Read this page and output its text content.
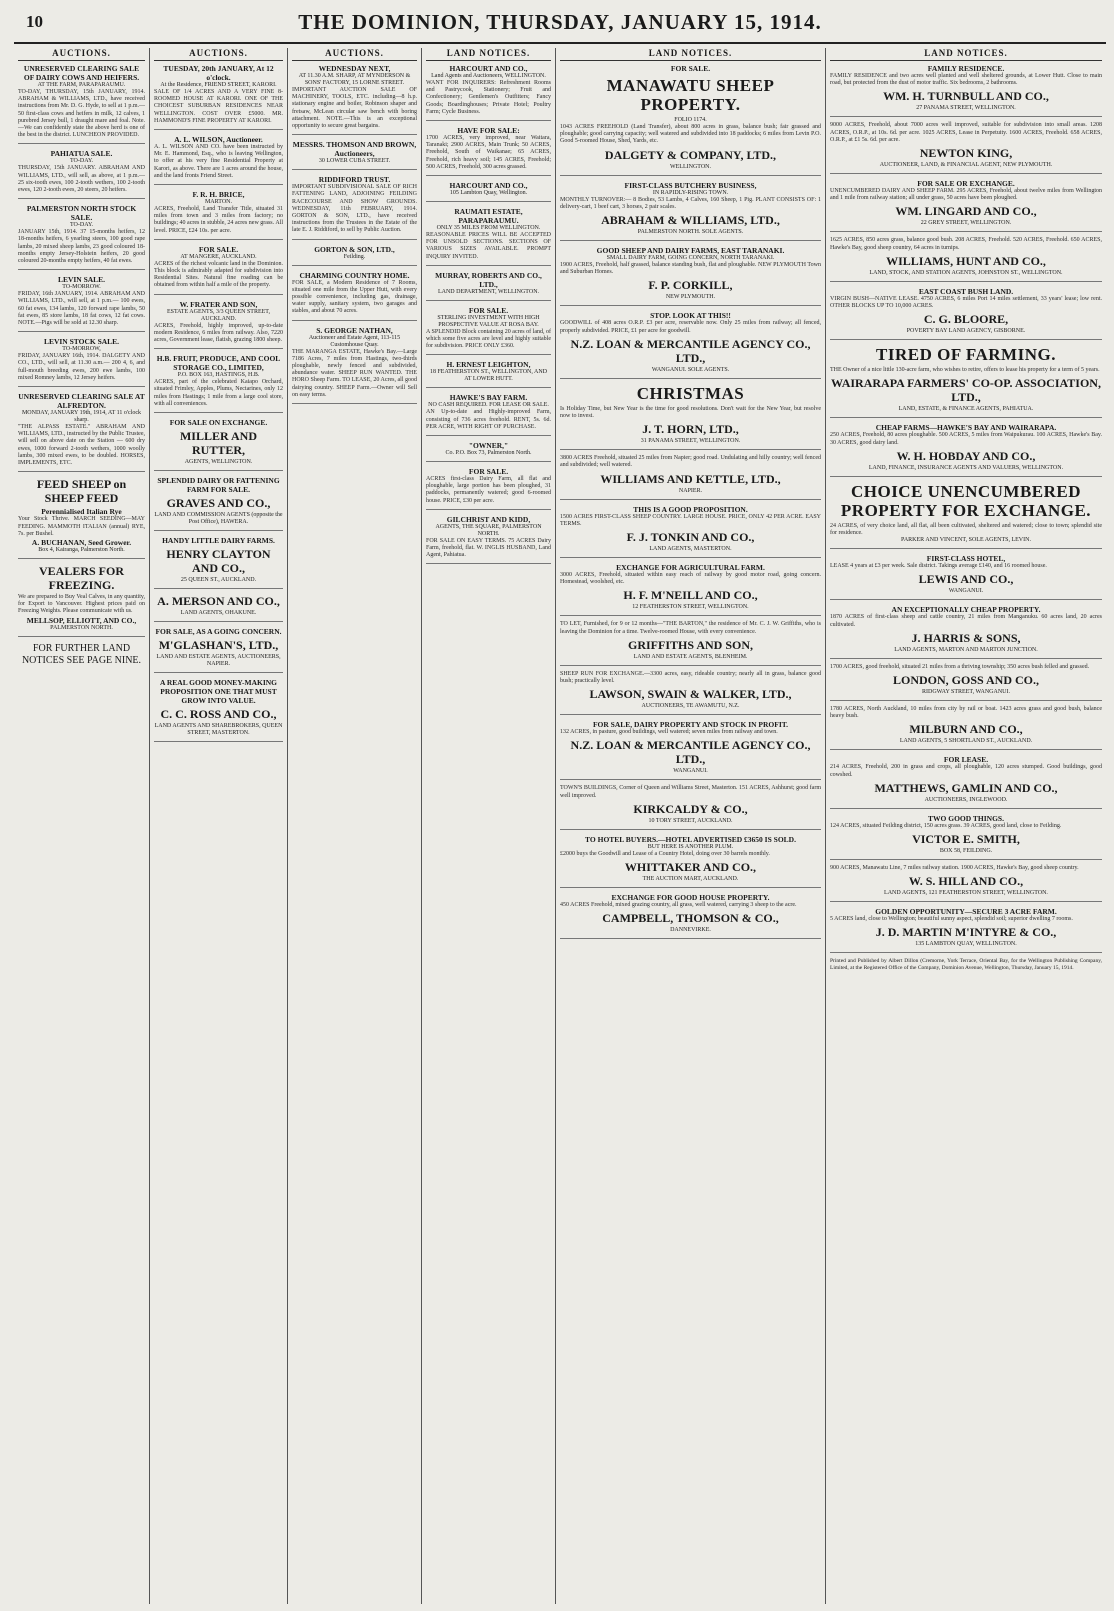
10	THE DOMINION, THURSDAY, JANUARY 15, 1914.
AUCTIONS.
UNRESERVED CLEARING SALE OF DAIRY COWS AND HEIFERS.
AT THE FARM, PARAPARAUMU.
TO-DAY, THURSDAY, 15th JANUARY, 1914. ABRAHAM & WILLIAMS, LTD., have received instructions from Mr. D. G. Hyde, to sell at 1 p.m.— 50 first-class cows and heifers in milk, 12 calves, 1 purebred Jersey bull, 1 draught mare and foal. Note.—We can confidently state the above herd is one of the best in the district. LUNCHEON PROVIDED.
PAHIATUA SALE.
TO-DAY.
THURSDAY, 15th JANUARY. ABRAHAM AND WILLIAMS, LTD., will sell, as above, at 1 p.m.— 25 six-tooth ewes, 100 2-tooth wethers, 100 2-tooth ewes, 120 2-tooth ewes, 20 steers, 20 heifers.
PALMERSTON NORTH STOCK SALE.
TO-DAY.
JANUARY 15th, 1914. 37 15-months heifers, 12 18-months heifers, 6 yearling steers, 100 good rape lambs, 20 mixed sheep lambs, 23 good coloured 18-months empty Jersey-Holstein heifers, 20 good coloured 20-months empty heifers, 40 fat ewes.
LEVIN SALE.
TO-MORROW.
FRIDAY, 16th JANUARY, 1914. ABRAHAM AND WILLIAMS, LTD., will sell, at 1 p.m.— 100 ewes, 60 fat ewes, 134 lambs, 120 forward rape lambs, 50 fat ewes, 85 store lambs, 18 fat cows, 12 fat cows. NOTE.—Pigs will be sold at 12.30 sharp.
LEVIN STOCK SALE.
TO-MORROW,
FRIDAY, JANUARY 16th, 1914. DALGETY AND CO., LTD., will sell, at 11.30 a.m.— 200 4, 6, and full-mouth breeding ewes, 200 ewe lambs, 100 mixed Romney lambs, 12 Jersey heifers.
UNRESERVED CLEARING SALE AT ALFREDTON.
MONDAY, JANUARY 19th, 1914, AT 11 o'clock sharp.
"THE ALPASS ESTATE." ABRAHAM AND WILLIAMS, LTD., instructed by the Public Trustee, will sell on above date on the Station — 600 dry ewes, 1000 forward 2-tooth wethers, 1000 woolly lambs, 300 mixed ewes, to be doubled. HORSES, IMPLEMENTS, ETC.
FEED SHEEP on SHEEP FEED
Perennialised Italian Rye
Your Stock Thrive. MARCH SEEDING—MAY FEEDING. MAMMOTH ITALIAN (annual) RYE, 7s. per Bushel.
A. BUCHANAN, Seed Grower.
Box 4, Kairanga, Palmerston North.
VEALERS FOR FREEZING.
We are prepared to Buy Veal Calves, in any quantity, for Export to Vancouver. Highest prices paid on Freezing Weights. Please communicate with us.
MELLSOP, ELLIOTT, AND CO.,
PALMERSTON NORTH.
FOR FURTHER LAND NOTICES SEE PAGE NINE.
AUCTIONS.
TUESDAY, 20th JANUARY, At 12 o'clock.
At the Residence, FRIEND STREET, KARORI.
SALE OF 1/4 ACRES AND A VERY FINE 8-ROOMED HOUSE AT KARORI. ONE OF THE CHOICEST SUBURBAN RESIDENCES NEAR WELLINGTON. COST OVER £5000. MR. HAMMOND'S FINE PROPERTY AT KARORI.
A. L. WILSON, Auctioneer.
A. L. WILSON AND CO. have been instructed by Mr. E. Hammond, Esq., who is leaving Wellington, to offer at his very fine Residential Property at Karori, as above. There are 1 acres around the house, and the land fronts Friend Street.
F. R. H. BRICE,
MARTON.
ACRES, Freehold, Land Transfer Title, situated 31 miles from town and 3 miles from factory; no buildings; 40 acres in stubble, 24 acres new grass. All level. PRICE, £24 10s. per acre.
FOR SALE.
AT MANGERE, AUCKLAND.
ACRES of the richest volcanic land in the Dominion. This block is admirably adapted for subdivision into Residential Sites. Natural fine roading can be obtained from within half a mile of the property.
W. FRATER AND SON,
ESTATE AGENTS, 3/3 QUEEN STREET, AUCKLAND.
ACRES, Freehold, highly improved, up-to-date modern Residence, 6 miles from railway. Also, 7220 acres, Government lease, flatish, grazing 1800 sheep.
H.B. FRUIT, PRODUCE, AND COOL STORAGE CO., LIMITED,
P.O. BOX 163, HASTINGS, H.B.
ACRES, part of the celebrated Kaiapo Orchard, situated Frimley, Apples, Plums, Nectarines, only 12 miles from Hastings; 1 mile from a large cool store, with all conveniences.
FOR SALE ON EXCHANGE.
MILLER AND RUTTER,
AGENTS, WELLINGTON.
SPLENDID DAIRY OR FATTENING FARM FOR SALE.
GRAVES AND CO.,
LAND AND COMMISSION AGENTS (opposite the Post Office), HAWERA.
HANDY LITTLE DAIRY FARMS.
HENRY CLAYTON AND CO.,
25 QUEEN ST., AUCKLAND.
A. MERSON AND CO.,
LAND AGENTS, OHAKUNE.
FOR SALE, AS A GOING CONCERN.
M'GLASHAN'S, LTD.,
LAND AND ESTATE AGENTS, AUCTIONEERS, NAPIER.
A REAL GOOD MONEY-MAKING PROPOSITION ONE THAT MUST GROW INTO VALUE.
C. C. ROSS AND CO.,
LAND AGENTS AND SHAREBROKERS, QUEEN STREET, MASTERTON.
AUCTIONS.
WEDNESDAY NEXT,
AT 11.30 A.M. SHARP, AT MYNDERSON & SONS' FACTORY, 15 LORNE STREET.
IMPORTANT AUCTION SALE OF MACHINERY, TOOLS, ETC. including—8 h.p. stationary engine and boiler, Robinson shaper and fretsaw, McLean circular saw bench with boring attachment. NOTE.—This is an exceptional opportunity to secure great bargains.
MESSRS. THOMSON AND BROWN, Auctioneers,
30 LOWER CUBA STREET.
RIDDIFORD TRUST.
IMPORTANT SUBDIVISIONAL SALE OF RICH FATTENING LAND, ADJOINING FEILDING RACECOURSE AND SHOW GROUNDS. WEDNESDAY, 11th FEBRUARY, 1914. GORTON & SON, LTD., have received instructions from the Trustees in the Estate of the late E. J. Riddiford, to sell by Public Auction.
GORTON & SON, LTD.,
Feilding.
CHARMING COUNTRY HOME.
FOR SALE, a Modern Residence of 7 Rooms, situated one mile from the Upper Hutt, with every possible convenience, including gas, drainage, water supply, sanitary system, two garages and stables, and about 70 acres.
S. GEORGE NATHAN,
Auctioneer and Estate Agent, 113-115 Customhouse Quay.
THE MARANGA ESTATE, Hawke's Bay.—Large 7186 Acres, 7 miles from Hastings, two-thirds ploughable, newly fenced and subdivided, abundance water. SHEEP RUN WANTED. THE HORO Sheep Farm. TO LEASE, 20 Acres, all good dairying country. SHEEP Farm.—Owner will Sell on easy terms.
LAND NOTICES.
HARCOURT AND CO.,
Land Agents and Auctioneers, WELLINGTON.
WANT FOR INQUIRERS: Refreshment Rooms and Pastrycook, Stationery; Fruit and Confectionery; Gentlemen's Outfitters; Fancy Goods; Boardinghouses; Private Hotel; Poultry Farm; Cycle Business.
HAVE FOR SALE:
1700 ACRES, very improved, near Waitara, Taranaki; 2900 ACRES, Main Trunk; 50 ACRES, Freehold, South of Waikanae; 65 ACRES, Freehold, rich heavy soil; 145 ACRES, Freehold; 500 ACRES, Freehold, 300 acres grassed.
HARCOURT AND CO.,
105 Lambton Quay, Wellington.
RAUMATI ESTATE, PARAPARAUMU.
ONLY 35 MILES FROM WELLINGTON.
REASONABLE PRICES WILL BE ACCEPTED FOR UNSOLD SECTIONS. SECTIONS OF VARIOUS SIZES AVAILABLE. PROMPT INQUIRY INVITED.
MURRAY, ROBERTS AND CO., LTD.,
LAND DEPARTMENT, WELLINGTON.
FOR SALE.
STERLING INVESTMENT WITH HIGH PROSPECTIVE VALUE AT ROSA BAY.
A SPLENDID Block containing 20 acres of land, of which some five acres are level and highly suitable for subdivision. PRICE ONLY £360.
H. ERNEST LEIGHTON,
18 FEATHERSTON ST., WELLINGTON, AND AT LOWER HUTT.
HAWKE'S BAY FARM.
NO CASH REQUIRED. FOR LEASE OR SALE.
AN Up-to-date and Highly-improved Farm, consisting of 736 acres freehold. RENT, 5s. 6d. PER ACRE, WITH RIGHT OF PURCHASE.
"OWNER,"
Co. P.O. Box 73, Palmerston North.
FOR SALE.
ACRES first-class Dairy Farm, all flat and ploughable, large portion has been ploughed, 31 paddocks, permanently watered; good 6-roomed house. PRICE, £30 per acre.
GILCHRIST AND KIDD,
AGENTS, THE SQUARE, PALMERSTON NORTH.
FOR SALE ON EASY TERMS. 75 ACRES Dairy Farm, freehold, flat. W. INGLIS HUSBAND, Land Agent, Pahiatua.
LAND NOTICES.
FOR SALE.
MANAWATU SHEEP PROPERTY.
FOLIO 1174.
1043 ACRES FREEHOLD (Land Transfer), about 800 acres in grass, balance bush; fair grassed and ploughable; good carrying capacity; well watered and subdivided into 18 paddocks; 6 miles from Levin P.O. Good 5-roomed House, Shed, Yards, etc.
DALGETY & COMPANY, LTD.,
WELLINGTON.
FIRST-CLASS BUTCHERY BUSINESS,
IN RAPIDLY-RISING TOWN.
MONTHLY TURNOVER:— 8 Bodies, 53 Lambs, 4 Calves, 160 Sheep, 1 Pig. PLANT CONSISTS OF: 1 delivery-cart, 1 beef cart, 3 horses, 2 pair scales.
ABRAHAM & WILLIAMS, LTD.,
PALMERSTON NORTH. SOLE AGENTS.
GOOD SHEEP AND DAIRY FARMS, EAST TARANAKI.
SMALL DAIRY FARM, GOING CONCERN, NORTH TARANAKI.
1900 ACRES, Freehold, half grassed, balance standing bush, flat and ploughable. NEW PLYMOUTH Town and Suburban Homes.
F. P. CORKILL,
NEW PLYMOUTH.
STOP. LOOK AT THIS!!
GOODWILL of 408 acres O.R.P. £3 per acre, reservable now. Only 25 miles from railway; all fenced, properly subdivided. PRICE, £1 per acre for goodwill.
N.Z. LOAN & MERCANTILE AGENCY CO., LTD.,
WANGANUI. SOLE AGENTS.
CHRISTMAS
Is Holiday Time, but New Year is the time for good resolutions. Don't wait for the New Year, but resolve now to invest.
J. T. HORN, LTD.,
31 PANAMA STREET, WELLINGTON.
3800 ACRES Freehold, situated 25 miles from Napier; good road. Undulating and hilly country; well fenced and subdivided; well watered.
WILLIAMS AND KETTLE, LTD.,
NAPIER.
THIS IS A GOOD PROPOSITION.
1500 ACRES FIRST-CLASS SHEEP COUNTRY. LARGE HOUSE. PRICE, ONLY 42 PER ACRE. EASY TERMS.
F. J. TONKIN AND CO.,
LAND AGENTS, MASTERTON.
EXCHANGE FOR AGRICULTURAL FARM.
3000 ACRES, Freehold, situated within easy reach of railway by good motor road, going concern. Homestead, woolshed, etc.
H. F. M'NEILL AND CO.,
12 FEATHERSTON STREET, WELLINGTON.
TO LET, Furnished, for 9 or 12 months—"THE BARTON," the residence of Mr. C. J. W. Griffiths, who is leaving the Dominion for a time. Twelve-roomed House, with every convenience.
GRIFFITHS AND SON,
LAND AND ESTATE AGENTS, BLENHEIM.
SHEEP RUN FOR EXCHANGE.—3300 acres, easy, rideable country; nearly all in grass, balance good bush; practically level.
LAWSON, SWAIN & WALKER, LTD.,
AUCTIONEERS, TE AWAMUTU, N.Z.
FOR SALE, DAIRY PROPERTY AND STOCK IN PROFIT.
132 ACRES, in pasture, good buildings, well watered; seven miles from railway and town.
N.Z. LOAN & MERCANTILE AGENCY CO., LTD.,
WANGANUI.
TOWN'S BUILDINGS, Corner of Queen and Williams Street, Masterton. 151 ACRES, Ashhurst; good farm well improved.
KIRKCALDY & CO.,
10 TORY STREET, AUCKLAND.
TO HOTEL BUYERS.—HOTEL ADVERTISED £3650 IS SOLD.
BUT HERE IS ANOTHER PLUM.
£2000 buys the Goodwill and Lease of a Country Hotel, doing over 30 barrels monthly.
WHITTAKER AND CO.,
THE AUCTION MART, AUCKLAND.
EXCHANGE FOR GOOD HOUSE PROPERTY.
450 ACRES Freehold, mixed grazing country, all grass, well watered, carrying 3 sheep to the acre.
CAMPBELL, THOMSON & CO.,
DANNEVIRKE.
LAND NOTICES.
FAMILY RESIDENCE.
FAMILY RESIDENCE and two acres well planted and well sheltered grounds, at Lower Hutt. Close to main road, but protected from the dust of motor traffic. Six bedrooms, 2 bathrooms.
WM. H. TURNBULL AND CO.,
27 PANAMA STREET, WELLINGTON.
9000 ACRES, Freehold, about 7000 acres well improved, suitable for subdivision into small areas. 1208 ACRES, O.R.P., at 10s. 6d. per acre. 1025 ACRES, Lease in Perpetuity. 1600 ACRES, Freehold. 658 ACRES, O.R.P., at £1 5s. 6d. per acre.
NEWTON KING,
AUCTIONEER, LAND, & FINANCIAL AGENT, NEW PLYMOUTH.
FOR SALE OR EXCHANGE.
UNENCUMBERED DAIRY AND SHEEP FARM. 295 ACRES, Freehold, about twelve miles from Wellington and 1 mile from railway station; all under grass, 50 acres have been ploughed.
WM. LINGARD AND CO.,
22 GREY STREET, WELLINGTON.
1625 ACRES, 850 acres grass, balance good bush. 208 ACRES, Freehold. 520 ACRES, Freehold. 650 ACRES, Hawke's Bay, good sheep country, 64 acres in turnips.
WILLIAMS, HUNT AND CO.,
LAND, STOCK, AND STATION AGENTS, JOHNSTON ST., WELLINGTON.
EAST COAST BUSH LAND.
VIRGIN BUSH—NATIVE LEASE. 4750 ACRES, 6 miles Port 14 miles settlement, 33 years' lease; low rent. OTHER BLOCKS UP TO 10,000 ACRES.
C. G. BLOORE,
POVERTY BAY LAND AGENCY, GISBORNE.
TIRED OF FARMING.
THE Owner of a nice little 130-acre farm, who wishes to retire, offers to lease his property for a term of 5 years.
WAIRARAPA FARMERS' CO-OP. ASSOCIATION, LTD.,
LAND, ESTATE, & FINANCE AGENTS, PAHIATUA.
CHEAP FARMS—HAWKE'S BAY AND WAIRARAPA.
250 ACRES, Freehold, 80 acres ploughable. 500 ACRES, 5 miles from Waipukurau. 100 ACRES, Hawke's Bay. 30 ACRES, good dairy land.
W. H. HOBDAY AND CO.,
LAND, FINANCE, INSURANCE AGENTS AND VALUERS, WELLINGTON.
CHOICE UNENCUMBERED PROPERTY FOR EXCHANGE.
24 ACRES, of very choice land, all flat, all been cultivated, sheltered and watered; close to town; splendid site for residence.
PARKER AND VINCENT, SOLE AGENTS, LEVIN.
FIRST-CLASS HOTEL,
LEASE 4 years at £3 per week. Sale district. Takings average £140, and 16 roomed house.
LEWIS AND CO.,
WANGANUI.
AN EXCEPTIONALLY CHEAP PROPERTY.
1870 ACRES of first-class sheep and cattle country, 21 miles from Manganuku. 60 acres land, 20 acres cultivated.
J. HARRIS & SONS,
LAND AGENTS, MARTON AND MARTON JUNCTION.
1700 ACRES, good freehold, situated 21 miles from a thriving township; 350 acres bush felled and grassed.
LONDON, GOSS AND CO.,
RIDGWAY STREET, WANGANUI.
1780 ACRES, North Auckland, 10 miles from city by rail or boat. 1423 acres grass and good bush, balance heavy bush.
MILBURN AND CO.,
LAND AGENTS, 5 SHORTLAND ST., AUCKLAND.
FOR LEASE.
214 ACRES, Freehold, 200 in grass and crops, all ploughable, 120 acres stumped. Good buildings, good cowshed.
MATTHEWS, GAMLIN AND CO.,
AUCTIONEERS, INGLEWOOD.
TWO GOOD THINGS.
124 ACRES, situated Feilding district, 150 acres grass. 39 ACRES, good land, close to Feilding.
VICTOR E. SMITH,
BOX 58, FEILDING.
900 ACRES, Manawatu Line, 7 miles railway station. 1900 ACRES, Hawke's Bay, good sheep country.
W. S. HILL AND CO.,
LAND AGENTS, 121 FEATHERSTON STREET, WELLINGTON.
GOLDEN OPPORTUNITY—SECURE 3 ACRE FARM.
5 ACRES land, close to Wellington; beautiful sunny aspect, splendid soil; superior dwelling 7 rooms.
J. D. MARTIN M'INTYRE & CO.,
135 LAMBTON QUAY, WELLINGTON.
Printed and Published by Albert Dillon (Cremorne, York Terrace, Oriental Bay, for the Wellington Publishing Company, Limited, at the Registered Office of the Company, Dominion Avenue, Wellington, Thursday, January 15, 1914.
